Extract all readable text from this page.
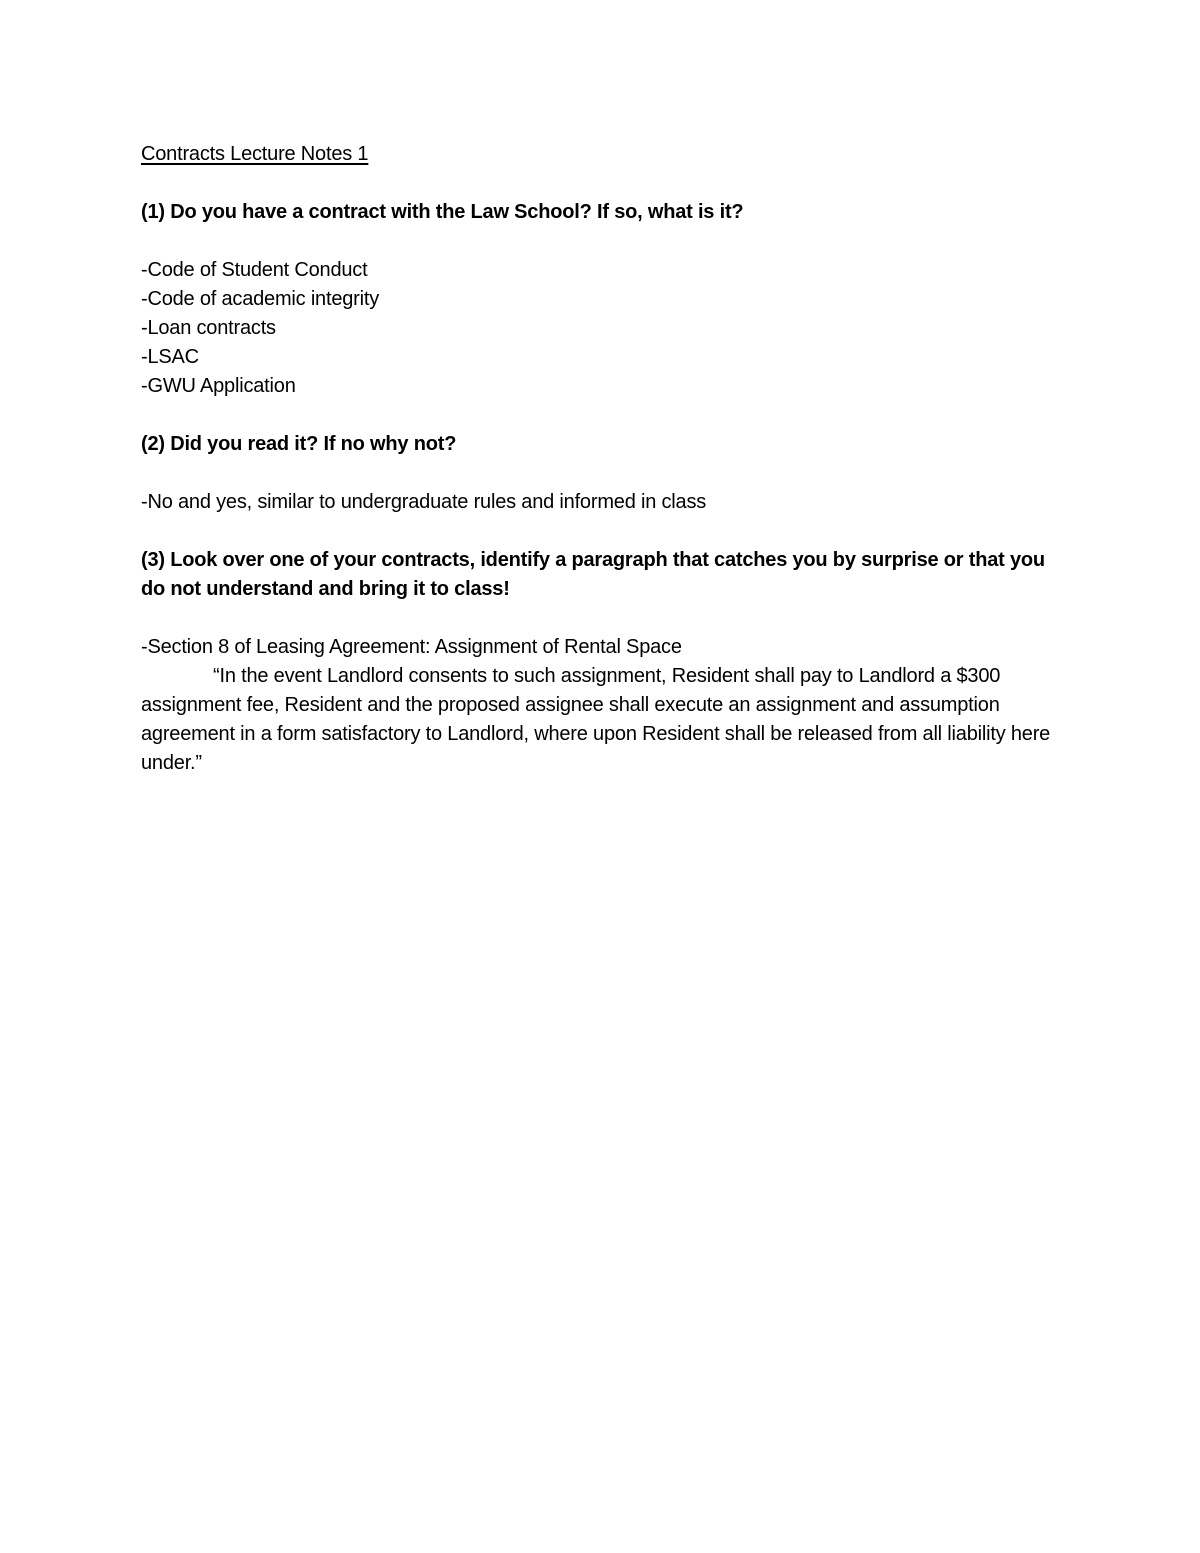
Contracts Lecture Notes 1

(1) Do you have a contract with the Law School? If so, what is it?

-Code of Student Conduct
-Code of academic integrity
-Loan contracts
-LSAC
-GWU Application

(2) Did you read it? If no why not?

-No and yes, similar to undergraduate rules and informed in class

(3) Look over one of your contracts, identify a paragraph that catches you by surprise or that you do not understand and bring it to class!

-Section 8 of Leasing Agreement: Assignment of Rental Space

“In the event Landlord consents to such assignment, Resident shall pay to Landlord a $300 assignment fee, Resident and the proposed assignee shall execute an assignment and assumption agreement in a form satisfactory to Landlord, where upon Resident shall be released from all liability here under.”
